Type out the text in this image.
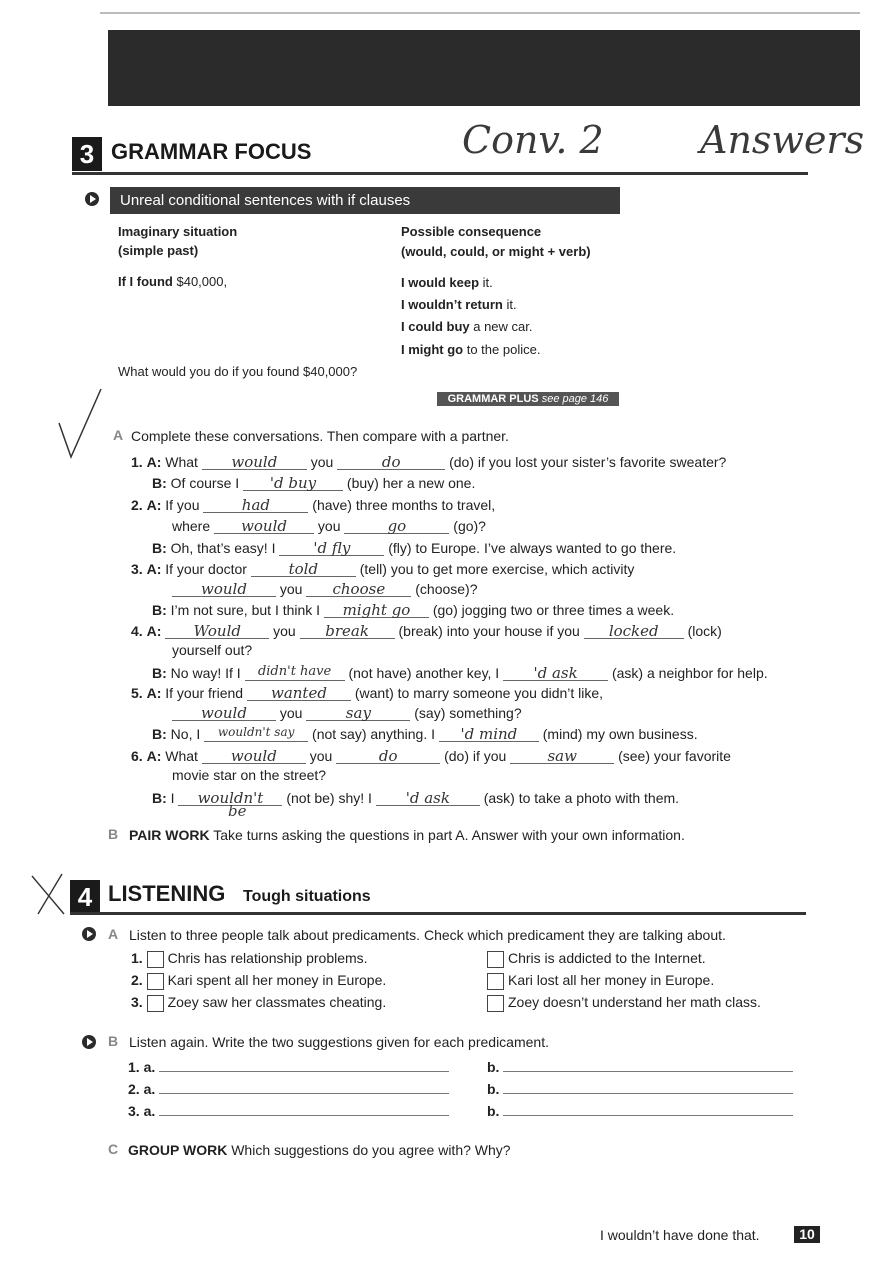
Conv. 2	Answers
3 GRAMMAR FOCUS
Unreal conditional sentences with if clauses
Imaginary situation
(simple past)
Possible consequence
(would, could, or might + verb)
If I found $40,000,	I would keep it.
I wouldn’t return it.
I could buy a new car.
I might go to the police.
What would you do if you found $40,000?
GRAMMAR PLUS see page 146
A Complete these conversations. Then compare with a partner.
1. A: What would you	do	(do) if you lost your sister’s favorite sweater?
B: Of course I 'd buy (buy) her a new one.
2. A: If you	had	(have) three months to travel,
where would you	go	(go)?
B: Oh, that’s easy! I	'd fly	(fly) to Europe. I’ve always wanted to go there.
3. A: If your doctor	told	(tell) you to get more exercise, which activity
would you choose (choose)?
B: I’m not sure, but I think I might go (go) jogging two or three times a week.
4. A: Would you break (break) into your house if you locked (lock)
yourself out?
B: No way! If I didn't have (not have) another key, I 'd ask (ask) a neighbor for help.
5. A: If your friend wanted (want) to marry someone you didn’t like,
would you	say	(say) something?
B: No, I wouldn't say (not say) anything. I 'd mind (mind) my own business.
6. A: What would you	do	(do) if you	saw	(see) your favorite
movie star on the street?
B: I wouldn't (not be) shy! I 'd ask (ask) to take a photo with them.
be
B PAIR WORK Take turns asking the questions in part A. Answer with your own information.
4 LISTENING Tough situations
A Listen to three people talk about predicaments. Check which predicament they are talking about.
1. Chris has relationship problems.	Chris is addicted to the Internet.
2. Kari spent all her money in Europe.	Kari lost all her money in Europe.
3. Zoey saw her classmates cheating.	Zoey doesn’t understand her math class.
B Listen again. Write the two suggestions given for each predicament.
1. a.	b.
2. a.	b.
3. a.	b.
C GROUP WORK Which suggestions do you agree with? Why?
I wouldn’t have done that.	10
